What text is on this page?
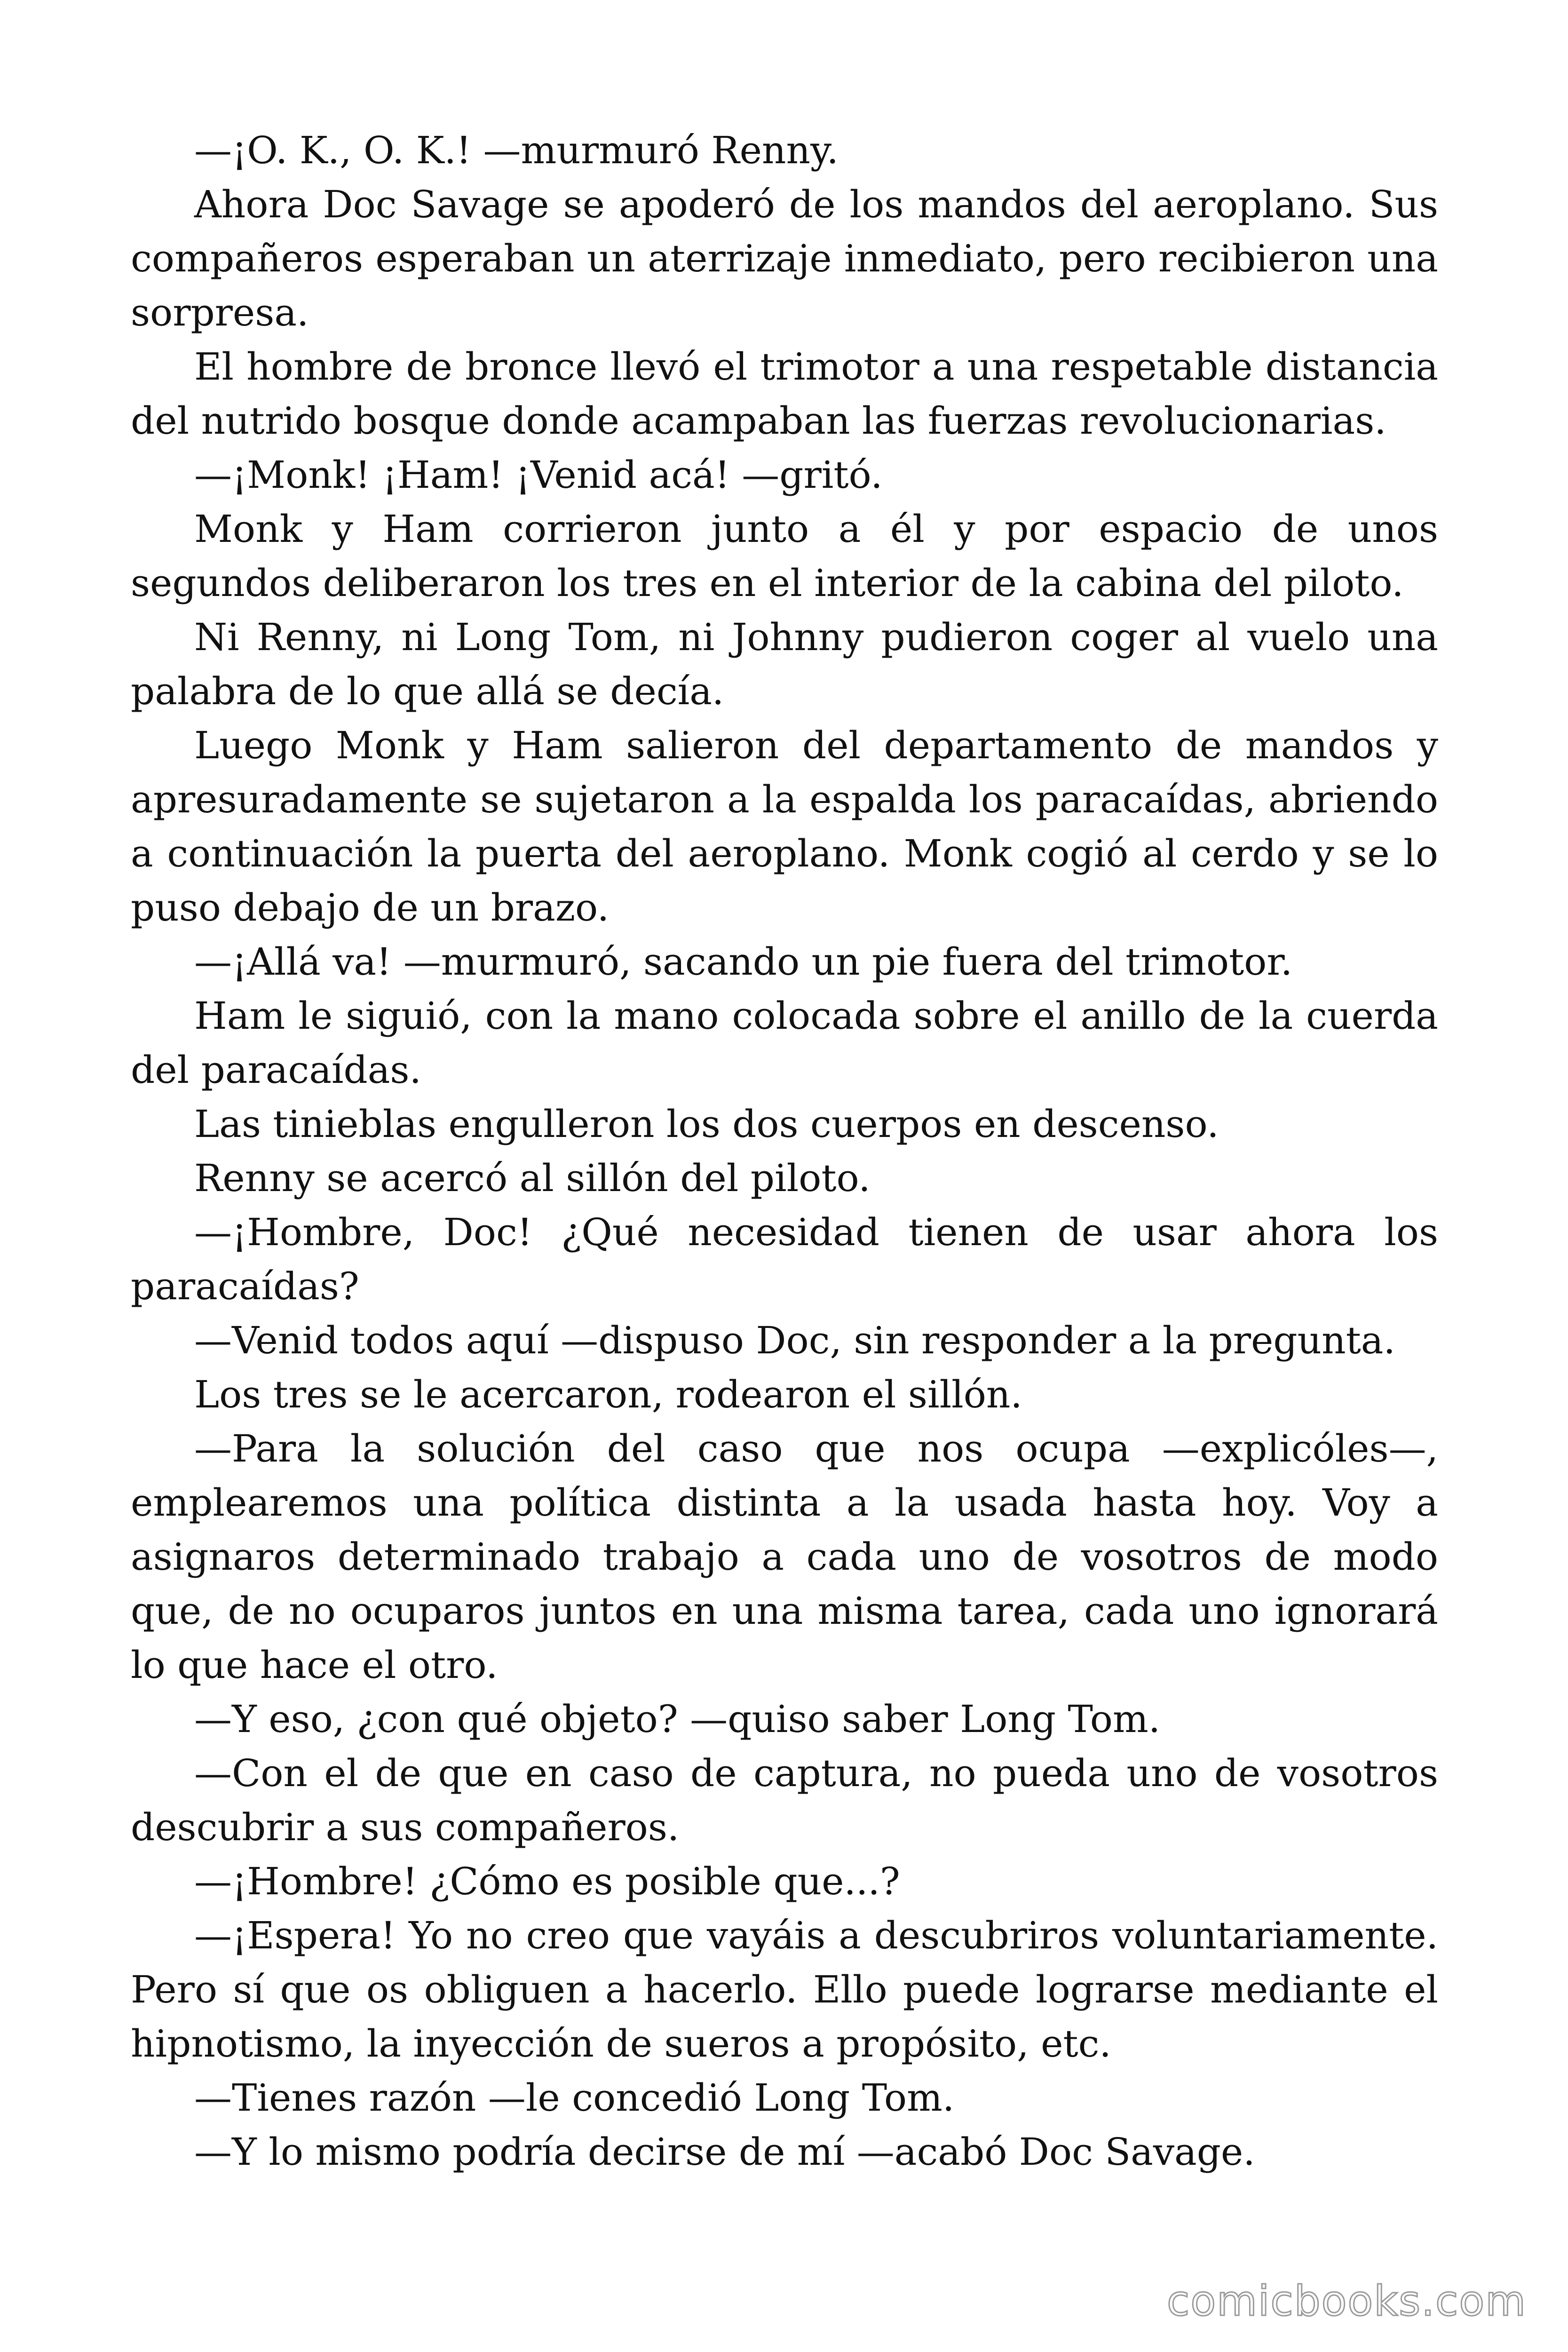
—¡O. K., O. K.! —murmuró Renny.

Ahora Doc Savage se apoderó de los mandos del aeroplano. Sus compañeros esperaban un aterrizaje inmediato, pero recibieron una sorpresa.

El hombre de bronce llevó el trimotor a una respetable distancia del nutrido bosque donde acampaban las fuerzas revolucionarias.

—¡Monk! ¡Ham! ¡Venid acá! —gritó.

Monk y Ham corrieron junto a él y por espacio de unos segundos deliberaron los tres en el interior de la cabina del piloto.

Ni Renny, ni Long Tom, ni Johnny pudieron coger al vuelo una palabra de lo que allá se decía.

Luego Monk y Ham salieron del departamento de mandos y apresuradamente se sujetaron a la espalda los paracaídas, abriendo a continuación la puerta del aeroplano. Monk cogió al cerdo y se lo puso debajo de un brazo.

—¡Allá va! —murmuró, sacando un pie fuera del trimotor.

Ham le siguió, con la mano colocada sobre el anillo de la cuerda del paracaídas.

Las tinieblas engulleron los dos cuerpos en descenso.

Renny se acercó al sillón del piloto.

—¡Hombre, Doc! ¿Qué necesidad tienen de usar ahora los paracaídas?

—Venid todos aquí —dispuso Doc, sin responder a la pregunta.

Los tres se le acercaron, rodearon el sillón.

—Para la solución del caso que nos ocupa —explicóles—, emplearemos una política distinta a la usada hasta hoy. Voy a asignaros determinado trabajo a cada uno de vosotros de modo que, de no ocuparos juntos en una misma tarea, cada uno ignorará lo que hace el otro.

—Y eso, ¿con qué objeto? —quiso saber Long Tom.

—Con el de que en caso de captura, no pueda uno de vosotros descubrir a sus compañeros.

—¡Hombre! ¿Cómo es posible que...?

—¡Espera! Yo no creo que vayáis a descubriros voluntariamente. Pero sí que os obliguen a hacerlo. Ello puede lograrse mediante el hipnotismo, la inyección de sueros a propósito, etc.

—Tienes razón —le concedió Long Tom.

—Y lo mismo podría decirse de mí —acabó Doc Savage.

comicbooks.com
